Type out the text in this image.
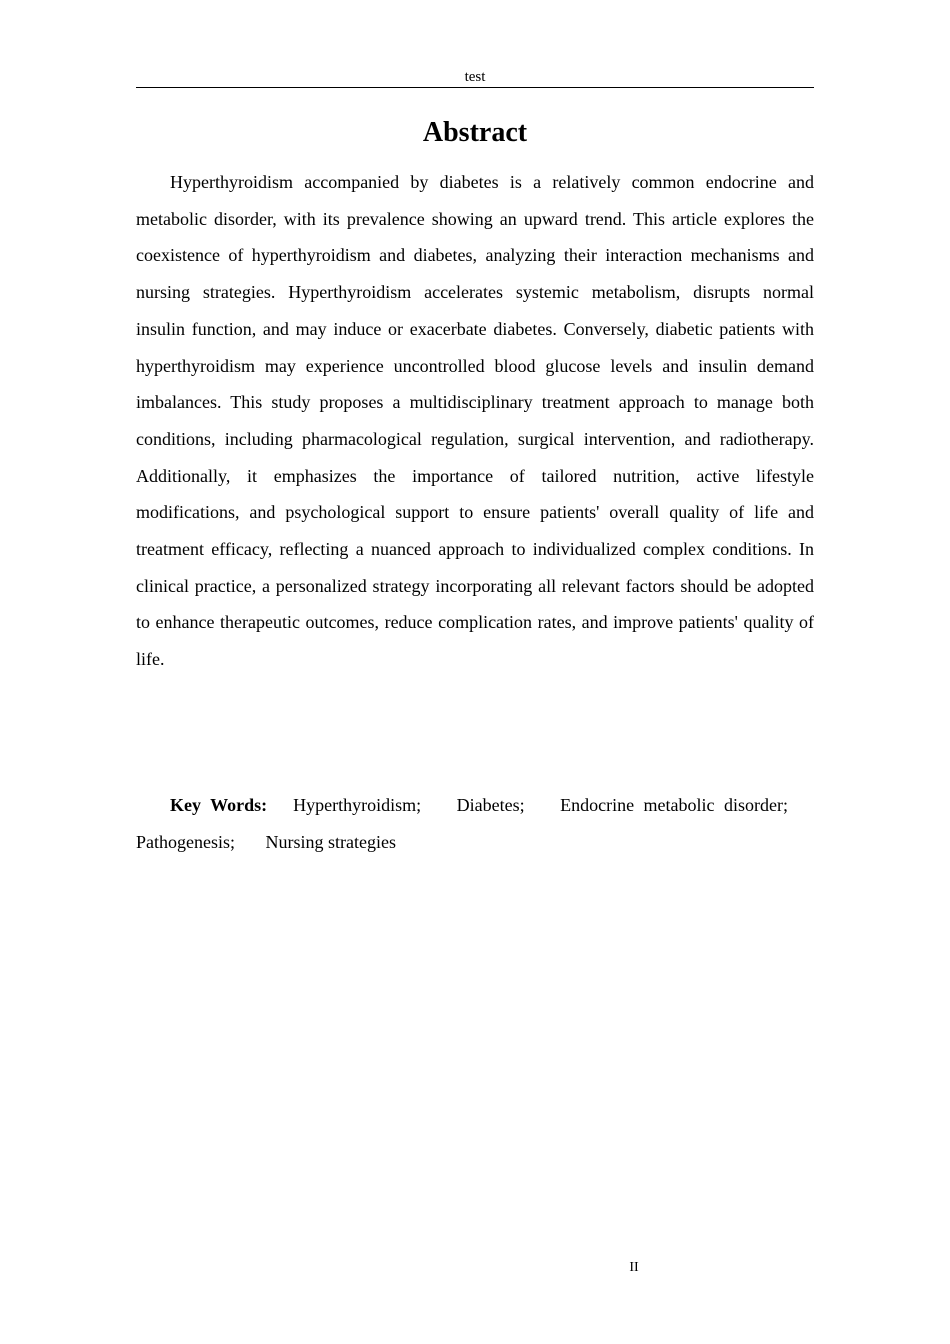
test
Abstract

Hyperthyroidism accompanied by diabetes is a relatively common endocrine and metabolic disorder, with its prevalence showing an upward trend. This article explores the coexistence of hyperthyroidism and diabetes, analyzing their interaction mechanisms and nursing strategies. Hyperthyroidism accelerates systemic metabolism, disrupts normal insulin function, and may induce or exacerbate diabetes. Conversely, diabetic patients with hyperthyroidism may experience uncontrolled blood glucose levels and insulin demand imbalances. This study proposes a multidisciplinary treatment approach to manage both conditions, including pharmacological regulation, surgical intervention, and radiotherapy. Additionally, it emphasizes the importance of tailored nutrition, active lifestyle modifications, and psychological support to ensure patients' overall quality of life and treatment efficacy, reflecting a nuanced approach to individualized complex conditions. In clinical practice, a personalized strategy incorporating all relevant factors should be adopted to enhance therapeutic outcomes, reduce complication rates, and improve patients' quality of life.

Key Words: Hyperthyroidism; Diabetes; Endocrine metabolic disorder; Pathogenesis; Nursing strategies

II
